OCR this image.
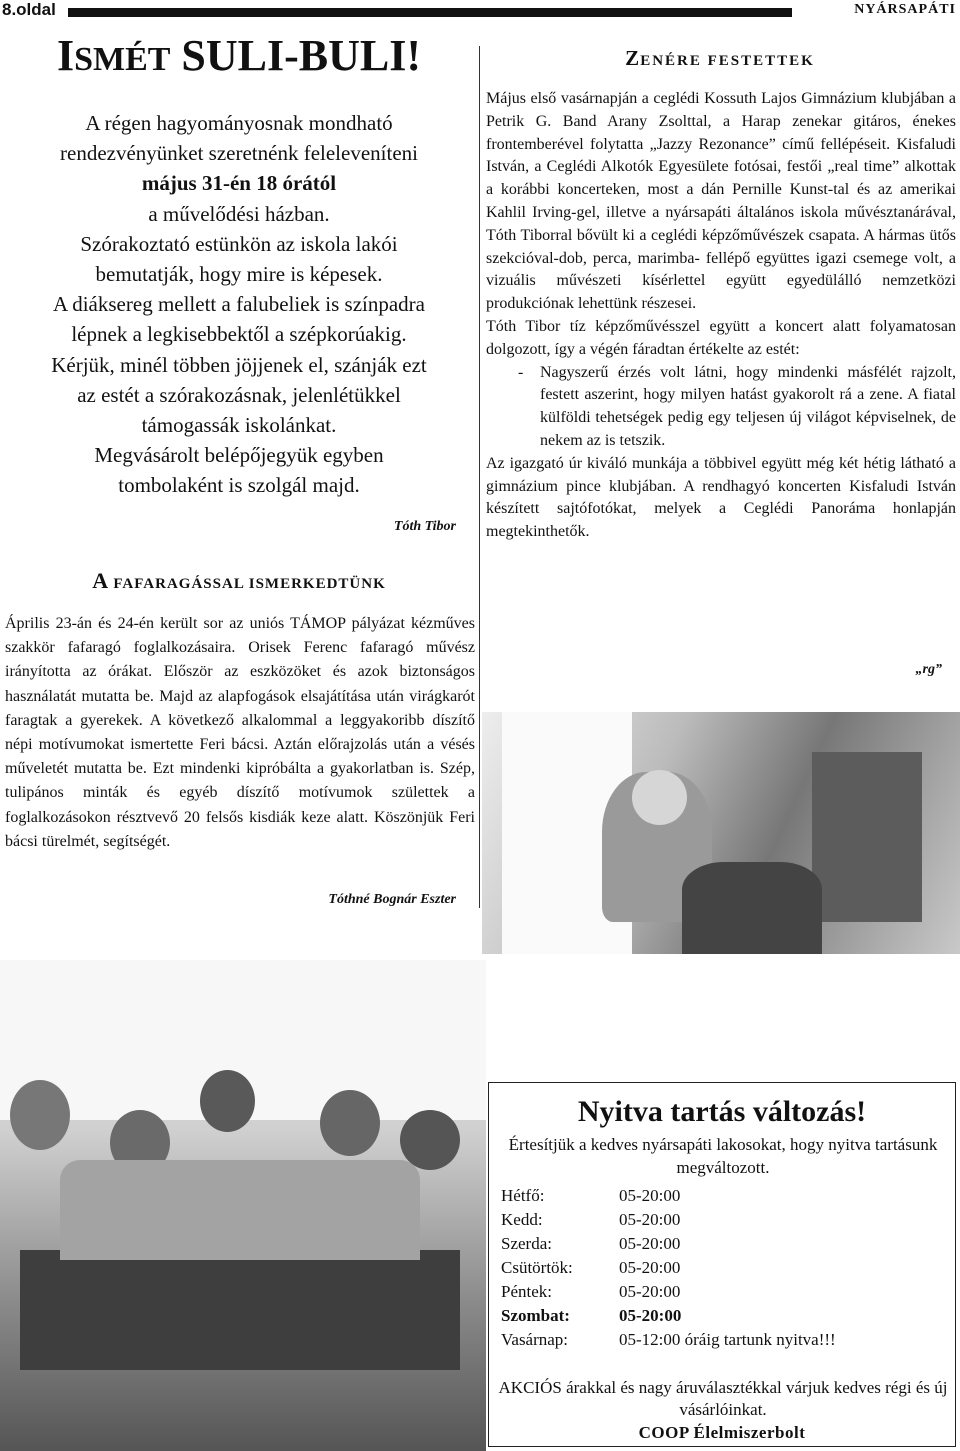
8.oldal	NYÁRSAPÁTI
ISMÉT SULI-BULI!
A régen hagyományosnak mondható
rendezvényünket szeretnénk feleleveníteni
május 31-én 18 órától
a művelődési házban.
Szórakoztató estünkön az iskola lakói
bemutatják, hogy mire is képesek.
A diáksereg mellett a falubeliek is színpadra
lépnek a legkisebbektől a szépkorúakig.
Kérjük, minél többen jöjjenek el, szánják ezt
az estét a szórakozásnak, jelenlétükkel
támogassák iskolánkat.
Megvásárolt belépőjegyük egyben
tombolaként is szolgál majd.
Tóth Tibor
A FAFARAGÁSSAL ISMERKEDTÜNK
Április 23-án és 24-én került sor az uniós TÁMOP pályázat kézműves szakkör fafaragó foglalkozásaira. Orisek Ferenc fafaragó művész irányította az órákat. Először az eszközöket és azok biztonságos használatát mutatta be. Majd az alapfogások elsajátítása után virágkarót faragtak a gyerekek. A következő alkalommal a leggyakoribb díszítő népi motívumokat ismertette Feri bácsi. Aztán előrajzolás után a vésés műveletét mutatta be. Ezt mindenki kipróbálta a gyakorlatban is. Szép, tulipános minták és egyéb díszítő motívumok születtek a foglalkozásokon résztvevő 20 felsős kisdiák keze alatt. Köszönjük Feri bácsi türelmét, segítségét.
Tóthné Bognár Eszter
ZENÉRE FESTETTEK

Május első vasárnapján a ceglédi Kossuth Lajos Gimnázium klubjában a Petrik G. Band Arany Zsolttal, a Harap zenekar gitáros, énekes frontemberével folytatta „Jazzy Rezonance” című fellépéseit. Kisfaludi István, a Ceglédi Alkotók Egyesülete fotósai, festői „real time” alkottak a korábbi koncerteken, most a dán Pernille Kunst-tal és az amerikai Kahlil Irving-gel, illetve a nyársapáti általános iskola művésztanárával, Tóth Tiborral bővült ki a ceglédi képzőművészek csapata. A hármas ütős szekcióval-dob, perca, marimba- fellépő együttes igazi csemege volt, a vizuális művészeti kísérlettel együtt egyedülálló nemzetközi produkciónak lehettünk részesei.

Tóth Tibor tíz képzőművésszel együtt a koncert alatt folyamatosan dolgozott, így a végén fáradtan értékelte az estét:

- Nagyszerű érzés volt látni, hogy mindenki másfélét rajzolt, festett aszerint, hogy milyen hatást gyakorolt rá a zene. A fiatal külföldi tehetségek pedig egy teljesen új világot képviselnek, de nekem az is tetszik.

Az igazgató úr kiváló munkája a többivel együtt még két hétig látható a gimnázium pince klubjában. A rendhagyó koncerten Kisfaludi István készített sajtófotókat, melyek a Ceglédi Panoráma honlapján megtekinthetők.

„rg”
Nyitva tartás változás!
Értesítjük a kedves nyársapáti lakosokat, hogy nyitva tartásunk megváltozott.
Hétfő:	05-20:00
Kedd:	05-20:00
Szerda:	05-20:00
Csütörtök:	05-20:00
Péntek:	05-20:00
Szombat:	05-20:00
Vasárnap:	05-12:00 óráig tartunk nyitva!!!
AKCIÓS árakkal és nagy áruválasztékkal várjuk kedves régi és új vásárlóinkat.
COOP Élelmiszerbolt
